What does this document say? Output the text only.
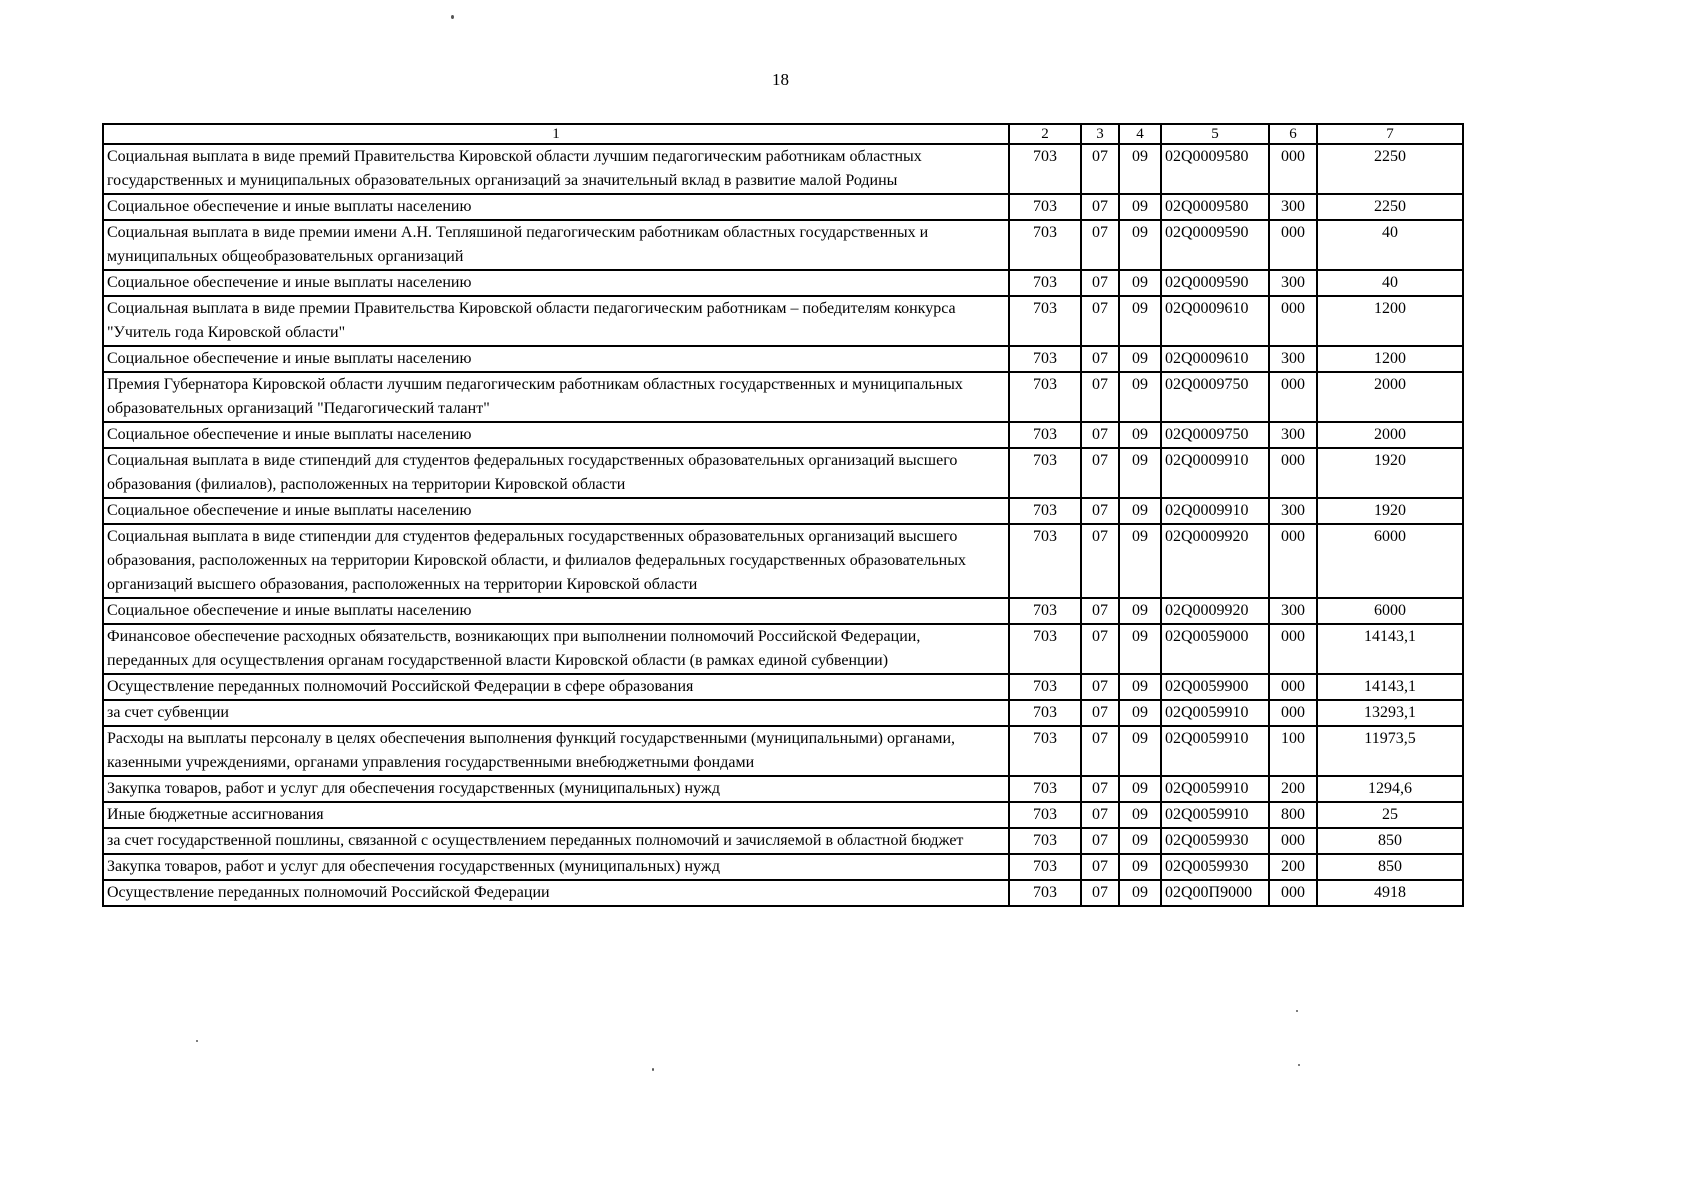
18
1	2	3	4	5	6	7
Социальная выплата в виде премий Правительства Кировской области лучшим педагогическим работникам областных государственных и муниципальных образовательных организаций за значительный вклад в развитие малой Родины	703	07	09	02Q0009580	000	2250
Социальное обеспечение и иные выплаты населению	703	07	09	02Q0009580	300	2250
Социальная выплата в виде премии имени А.Н. Тепляшиной педагогическим работникам областных государственных и муниципальных общеобразовательных организаций	703	07	09	02Q0009590	000	40
Социальное обеспечение и иные выплаты населению	703	07	09	02Q0009590	300	40
Социальная выплата в виде премии Правительства Кировской области педагогическим работникам – победителям конкурса "Учитель года Кировской области"	703	07	09	02Q0009610	000	1200
Социальное обеспечение и иные выплаты населению	703	07	09	02Q0009610	300	1200
Премия Губернатора Кировской области лучшим педагогическим работникам областных государственных и муниципальных образовательных организаций "Педагогический талант"	703	07	09	02Q0009750	000	2000
Социальное обеспечение и иные выплаты населению	703	07	09	02Q0009750	300	2000
Социальная выплата в виде стипендий для студентов федеральных государственных образовательных организаций высшего образования (филиалов), расположенных на территории Кировской области	703	07	09	02Q0009910	000	1920
Социальное обеспечение и иные выплаты населению	703	07	09	02Q0009910	300	1920
Социальная выплата в виде стипендии для студентов федеральных государственных образовательных организаций высшего образования, расположенных на территории Кировской области, и филиалов федеральных государственных образовательных организаций высшего образования, расположенных на территории Кировской области	703	07	09	02Q0009920	000	6000
Социальное обеспечение и иные выплаты населению	703	07	09	02Q0009920	300	6000
Финансовое обеспечение расходных обязательств, возникающих при выполнении полномочий Российской Федерации, переданных для осуществления органам государственной власти Кировской области (в рамках единой субвенции)	703	07	09	02Q0059000	000	14143,1
Осуществление переданных полномочий Российской Федерации в сфере образования	703	07	09	02Q0059900	000	14143,1
за счет субвенции	703	07	09	02Q0059910	000	13293,1
Расходы на выплаты персоналу в целях обеспечения выполнения функций государственными (муниципальными) органами, казенными учреждениями, органами управления государственными внебюджетными фондами	703	07	09	02Q0059910	100	11973,5
Закупка товаров, работ и услуг для обеспечения государственных (муниципальных) нужд	703	07	09	02Q0059910	200	1294,6
Иные бюджетные ассигнования	703	07	09	02Q0059910	800	25
за счет государственной пошлины, связанной с осуществлением переданных полномочий и зачисляемой в областной бюджет	703	07	09	02Q0059930	000	850
Закупка товаров, работ и услуг для обеспечения государственных (муниципальных) нужд	703	07	09	02Q0059930	200	850
Осуществление переданных полномочий Российской Федерации	703	07	09	02Q00П9000	000	4918
